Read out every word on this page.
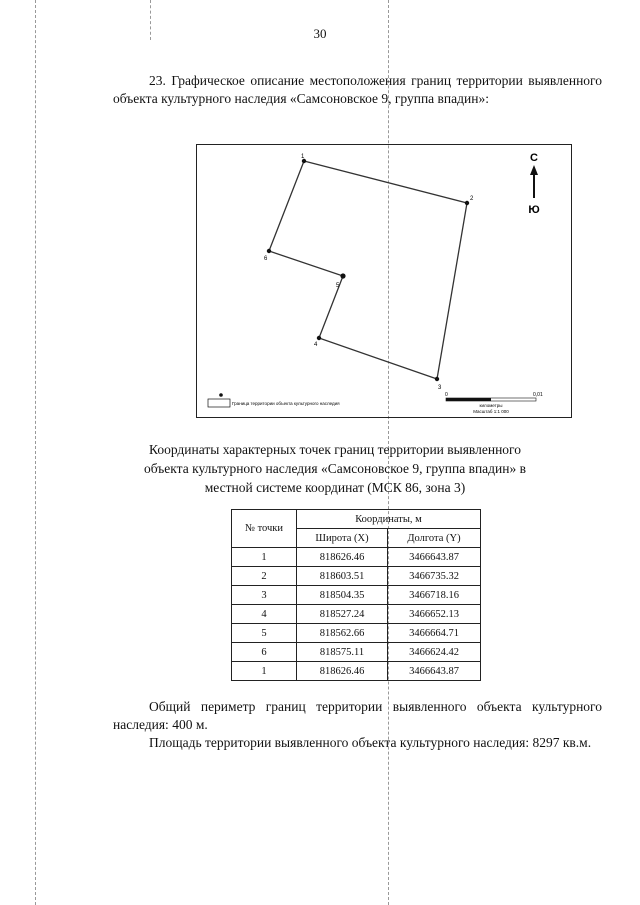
30
23. Графическое описание местоположения границ территории выявленного объекта культурного наследия «Самсоновское 9, группа впадин»:
1
2
3
4
5
6
С
Ю
0	0,01
километры
Масштаб 1:1 000
Граница территории объекта культурного наследия
Координаты характерных точек границ территории выявленного объекта культурного наследия «Самсоновское 9, группа впадин» в местной системе координат (МСК 86, зона 3)
№ точки	Координаты, м	
	Широта (X)	Долгота (Y)
1	818626.46	3466643.87
2	818603.51	3466735.32
3	818504.35	3466718.16
4	818527.24	3466652.13
5	818562.66	3466664.71
6	818575.11	3466624.42
1	818626.46	3466643.87
Общий периметр границ территории выявленного объекта культурного наследия: 400 м.
Площадь территории выявленного объекта культурного наследия: 8297 кв.м.
